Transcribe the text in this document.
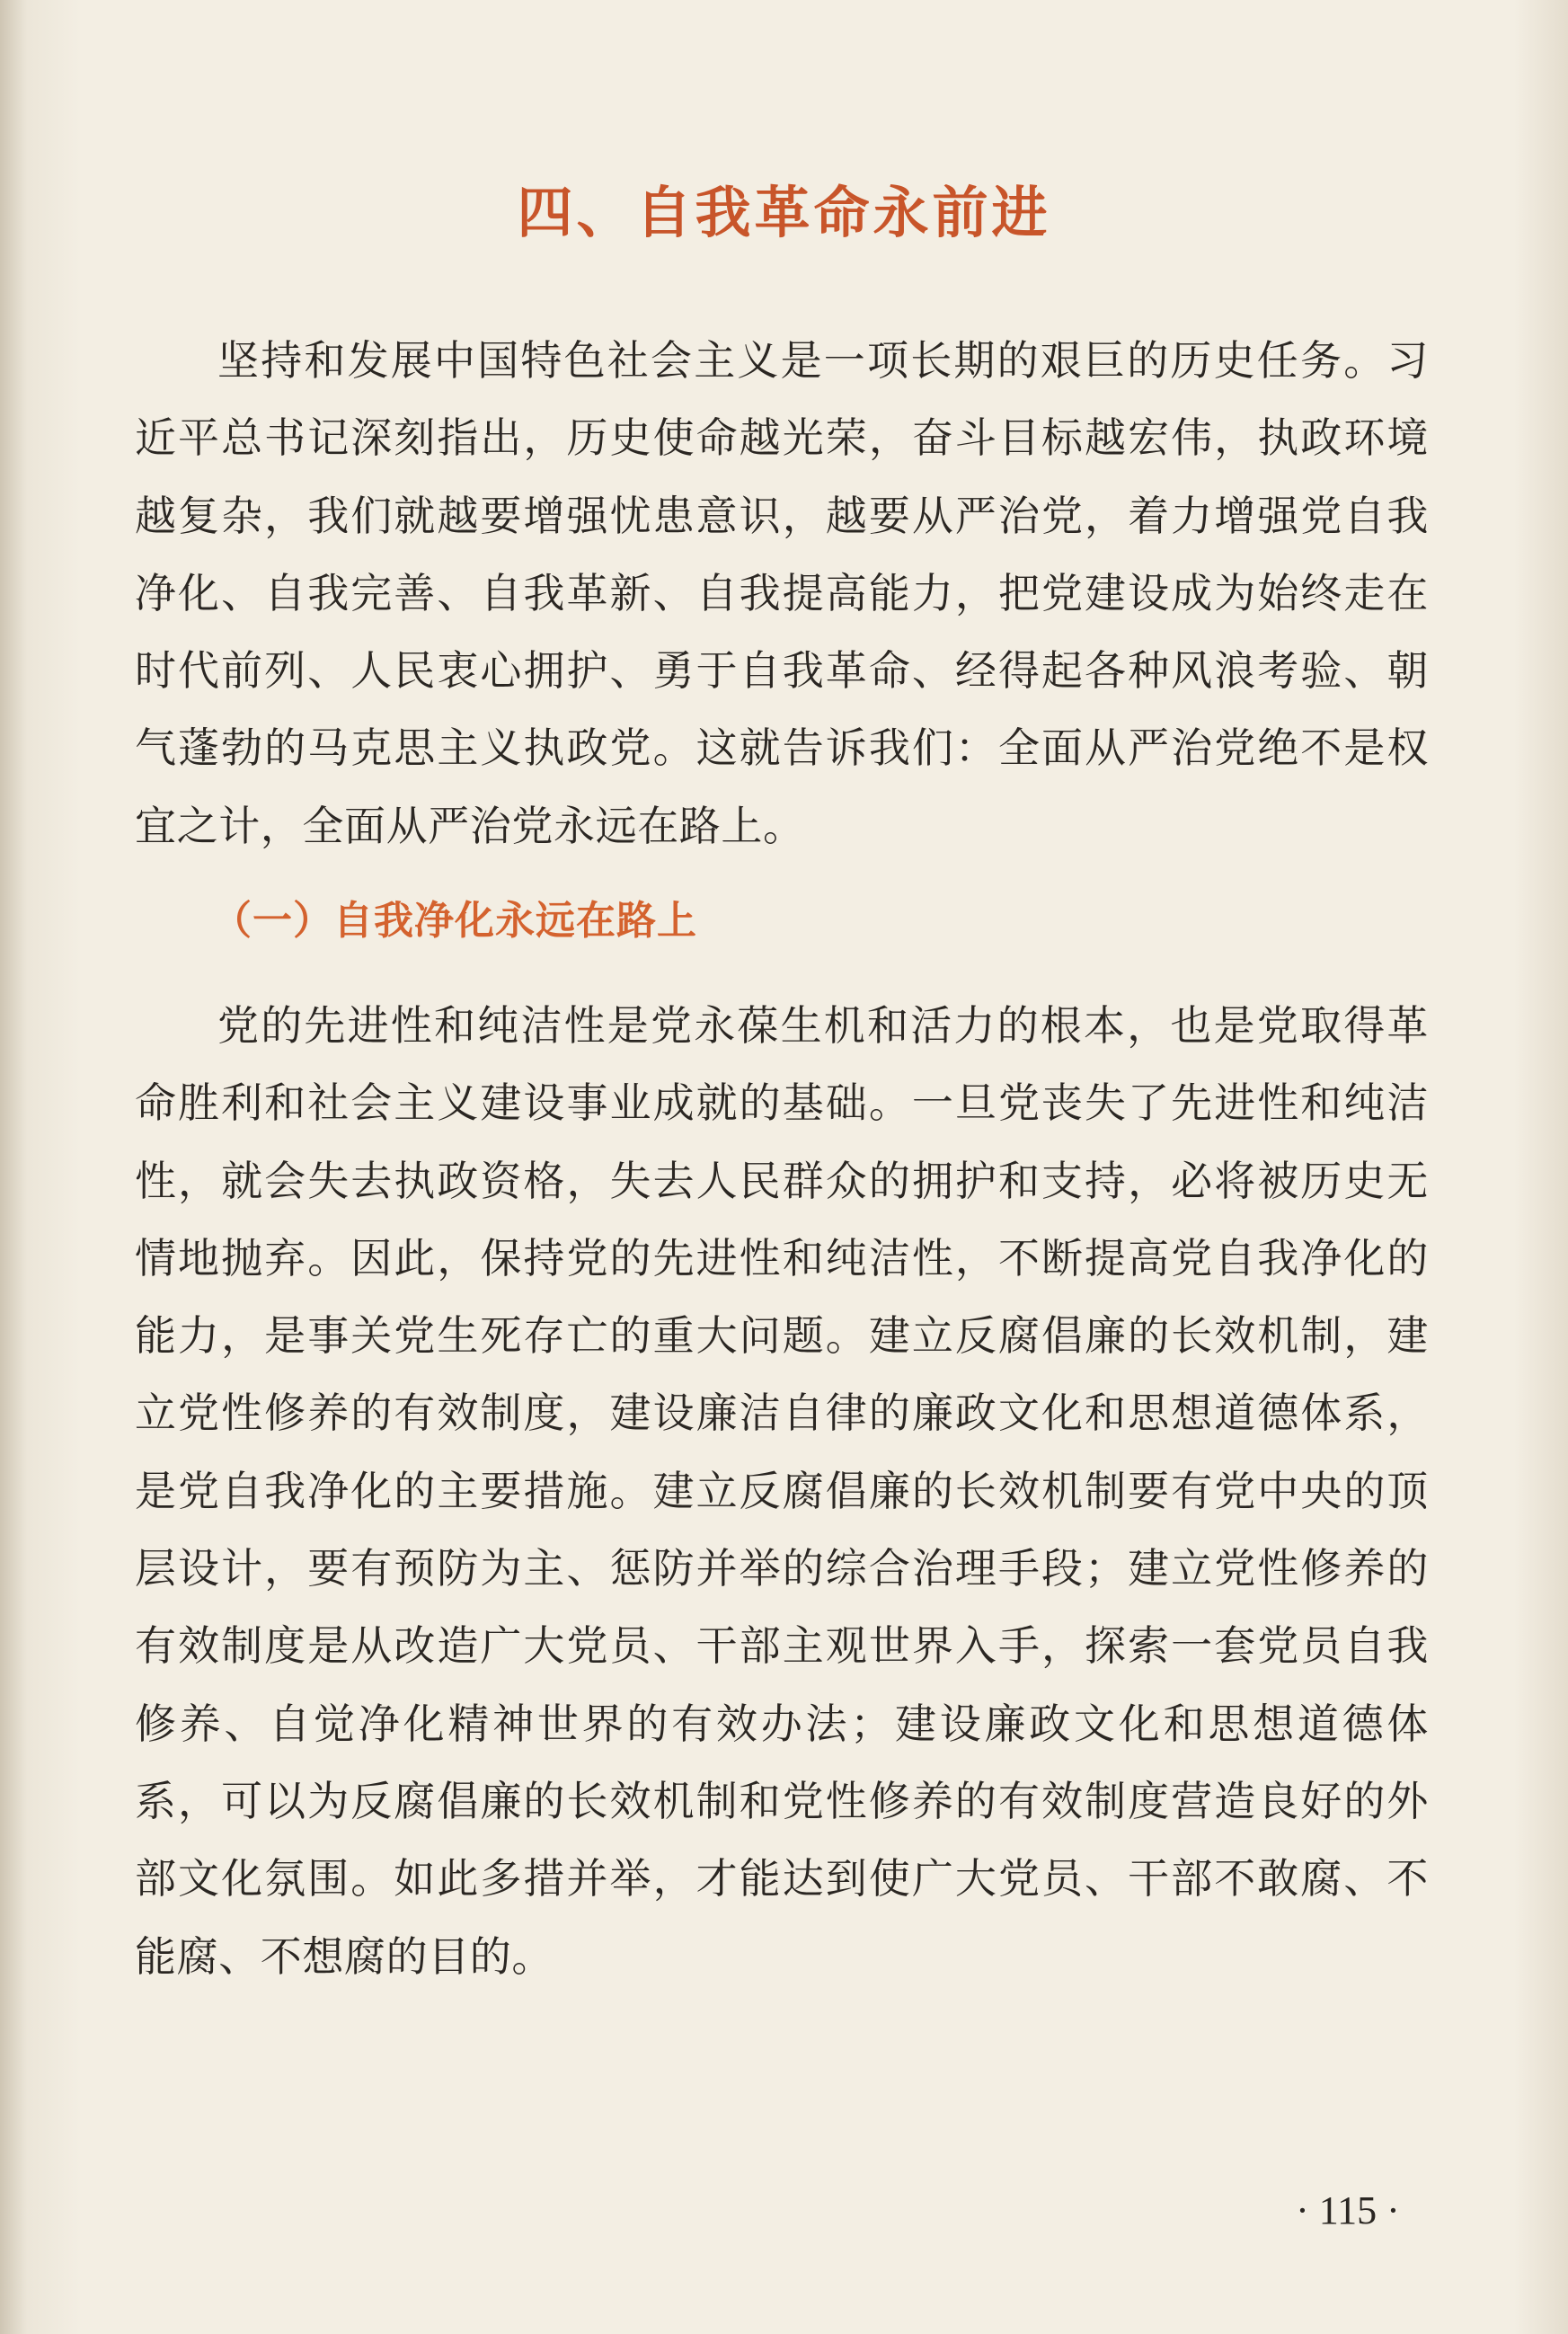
四、自我革命永前进

坚持和发展中国特色社会主义是一项长期的艰巨的历史任务。习近平总书记深刻指出，历史使命越光荣，奋斗目标越宏伟，执政环境越复杂，我们就越要增强忧患意识，越要从严治党，着力增强党自我净化、自我完善、自我革新、自我提高能力，把党建设成为始终走在时代前列、人民衷心拥护、勇于自我革命、经得起各种风浪考验、朝气蓬勃的马克思主义执政党。这就告诉我们：全面从严治党绝不是权宜之计，全面从严治党永远在路上。

（一）自我净化永远在路上

党的先进性和纯洁性是党永葆生机和活力的根本，也是党取得革命胜利和社会主义建设事业成就的基础。一旦党丧失了先进性和纯洁性，就会失去执政资格，失去人民群众的拥护和支持，必将被历史无情地抛弃。因此，保持党的先进性和纯洁性，不断提高党自我净化的能力，是事关党生死存亡的重大问题。建立反腐倡廉的长效机制，建立党性修养的有效制度，建设廉洁自律的廉政文化和思想道德体系，是党自我净化的主要措施。建立反腐倡廉的长效机制要有党中央的顶层设计，要有预防为主、惩防并举的综合治理手段；建立党性修养的有效制度是从改造广大党员、干部主观世界入手，探索一套党员自我修养、自觉净化精神世界的有效办法；建设廉政文化和思想道德体系，可以为反腐倡廉的长效机制和党性修养的有效制度营造良好的外部文化氛围。如此多措并举，才能达到使广大党员、干部不敢腐、不能腐、不想腐的目的。

· 115 ·
